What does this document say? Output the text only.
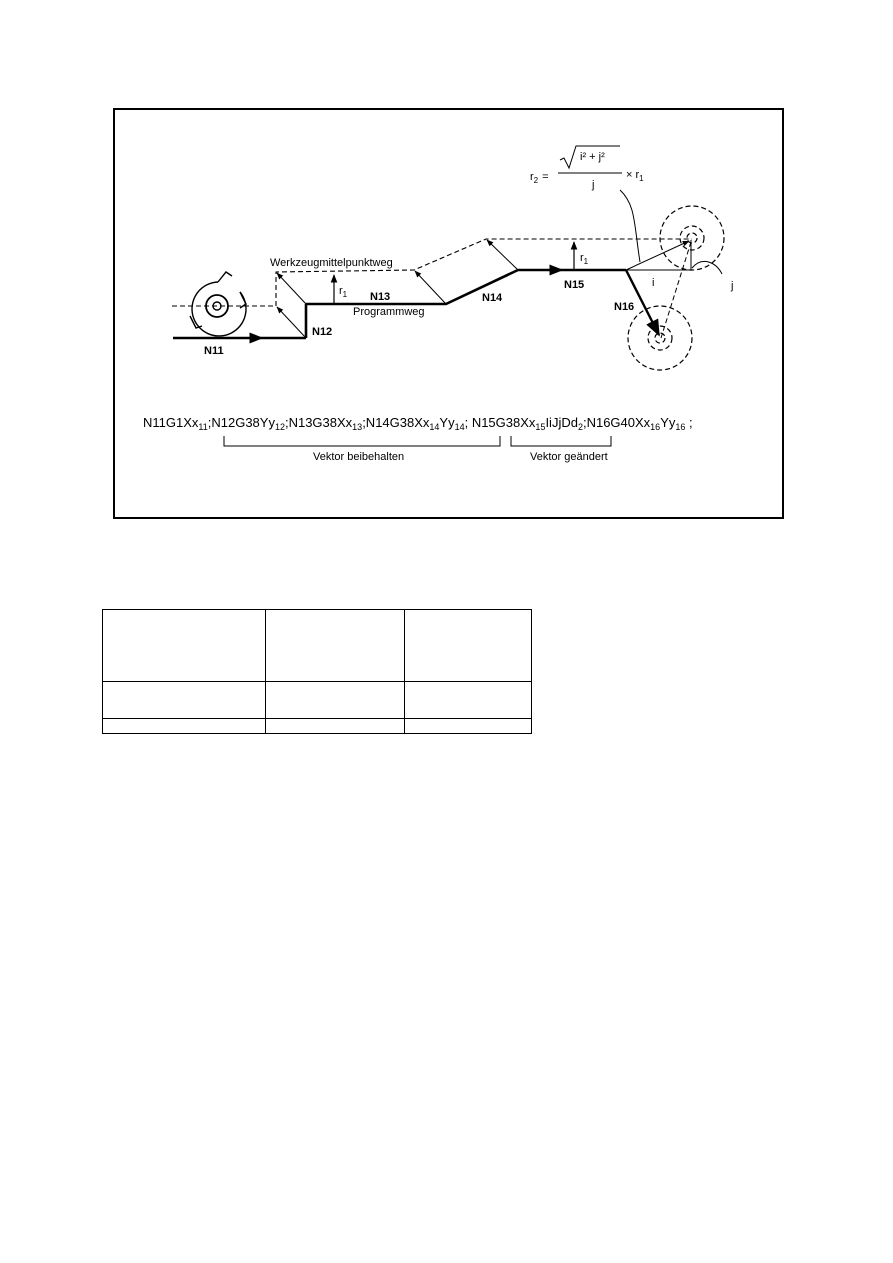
Werkzeugmittelpunktweg
Programmweg
N11
N12
N13	N14
N15
N16
$r_1$
$r_1$
i	j
$r_2$ =
i² + j²
j
× $r_1$
$N11G1Xx_{11};N12G38Yy_{12};N13G38Xx_{13};N14G38Xx_{14}Yy_{14}$; $N15G38Xx_{15}IiJjDd_2;N16G40Xx_{16}Yy_{16}$ ;
Vektor beibehalten	Vektor geändert
